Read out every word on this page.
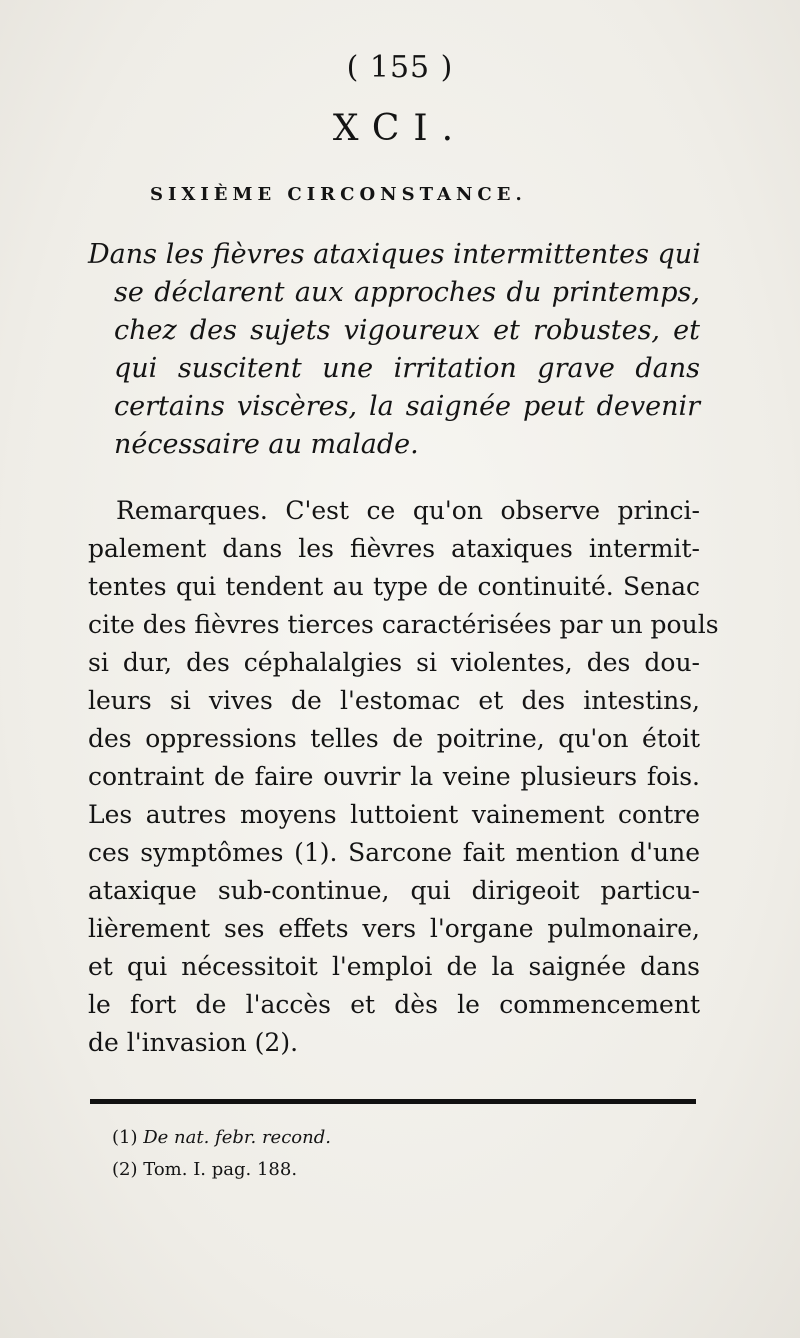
( 155 )
XCI.
SIXIÈME CIRCONSTANCE.
Dans les fièvres ataxiques intermittentes qui
se déclarent aux approches du printemps,
chez des sujets vigoureux et robustes, et
qui suscitent une irritation grave dans
certains viscères, la saignée peut devenir
nécessaire au malade.
Remarques. C'est ce qu'on observe princi-
palement dans les fièvres ataxiques intermit-
tentes qui tendent au type de continuité. Senac
cite des fièvres tierces caractérisées par un pouls
si dur, des céphalalgies si violentes, des dou-
leurs si vives de l'estomac et des intestins,
des oppressions telles de poitrine, qu'on étoit
contraint de faire ouvrir la veine plusieurs fois.
Les autres moyens luttoient vainement contre
ces symptômes (1). Sarcone fait mention d'une
ataxique sub-continue, qui dirigeoit particu-
lièrement ses effets vers l'organe pulmonaire,
et qui nécessitoit l'emploi de la saignée dans
le fort de l'accès et dès le commencement
de l'invasion (2).
(1) De nat. febr. recond.
(2) Tom. I. pag. 188.
